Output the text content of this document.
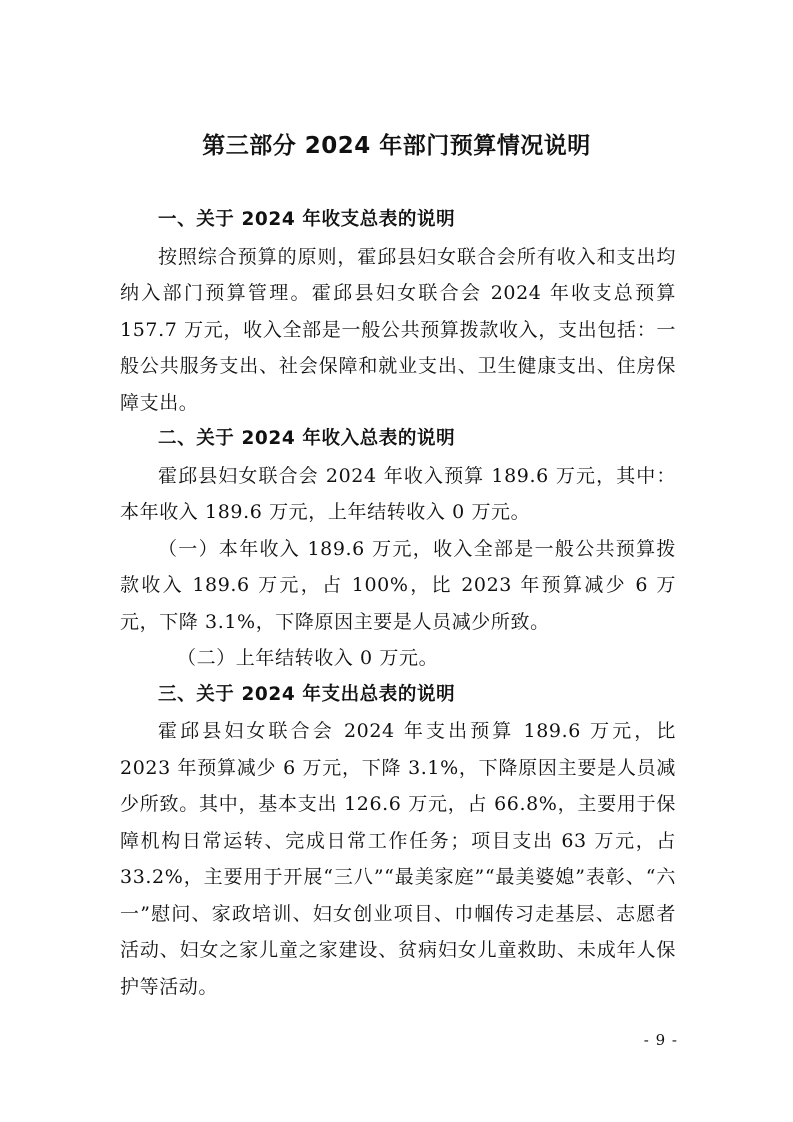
第三部分 2024 年部门预算情况说明

一、关于 2024 年收支总表的说明

按照综合预算的原则，霍邱县妇女联合会所有收入和支出均纳入部门预算管理。霍邱县妇女联合会 2024 年收支总预算 157.7 万元，收入全部是一般公共预算拨款收入，支出包括：一般公共服务支出、社会保障和就业支出、卫生健康支出、住房保障支出。

二、关于 2024 年收入总表的说明

霍邱县妇女联合会 2024 年收入预算 189.6 万元，其中：本年收入 189.6 万元，上年结转收入 0 万元。

（一）本年收入 189.6 万元，收入全部是一般公共预算拨款收入 189.6 万元，占 100%，比 2023 年预算减少 6 万元，下降 3.1%，下降原因主要是人员减少所致。

（二）上年结转收入 0 万元。

三、关于 2024 年支出总表的说明

霍邱县妇女联合会 2024 年支出预算 189.6 万元，比 2023 年预算减少 6 万元，下降 3.1%，下降原因主要是人员减少所致。其中，基本支出 126.6 万元，占 66.8%，主要用于保障机构日常运转、完成日常工作任务；项目支出 63 万元，占 33.2%，主要用于开展“三八”“最美家庭”“最美婆媳”表彰、“六一”慰问、家政培训、妇女创业项目、巾帼传习走基层、志愿者活动、妇女之家儿童之家建设、贫病妇女儿童救助、未成年人保护等活动。

- 9 -
